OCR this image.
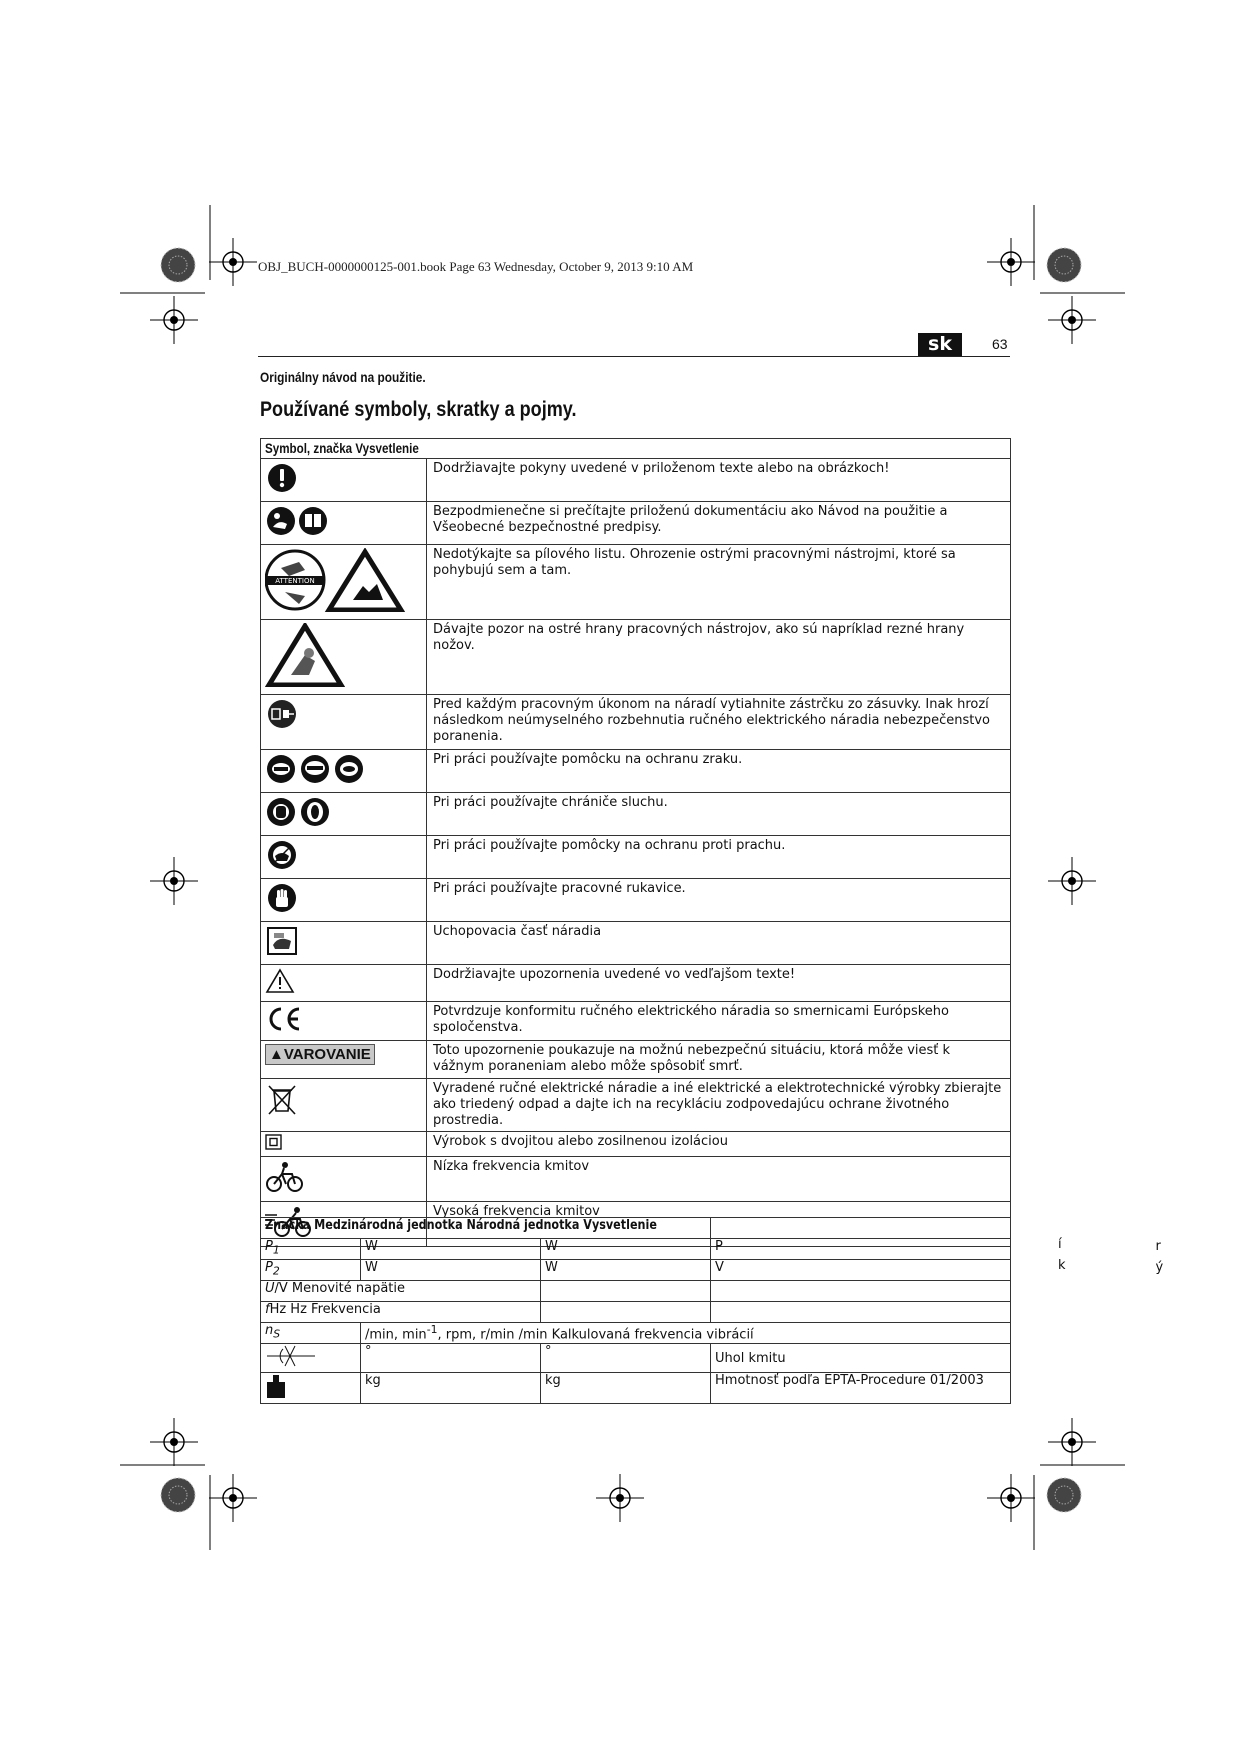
OBJ_BUCH-0000000125-001.book Page 63 Wednesday, October 9, 2013 9:10 AM
sk	63
Originálny návod na použitie.
Používané symboly, skratky a pojmy.
Symbol, značka Vysvetlenie	
	Dodržiavajte pokyny uvedené v priloženom texte alebo na obrázkoch!
	Bezpodmienečne si prečítajte priloženú dokumentáciu ako Návod na použitie a Všeobecné bezpečnostné predpisy.

ATTENTION	Nedotýkajte sa pílového listu. Ohrozenie ostrými pracovnými nástrojmi, ktoré sa pohybujú sem a tam.
	Dávajte pozor na ostré hrany pracovných nástrojov, ako sú napríklad rezné hrany nožov.
	Pred každým pracovným úkonom na náradí vytiahnite zástrčku zo zásuvky. Inak hrozí následkom neúmyselného rozbehnutia ručného elektrického náradia nebezpečenstvo poranenia.
	Pri práci používajte pomôcku na ochranu zraku.
	Pri práci používajte chrániče sluchu.
	Pri práci používajte pomôcky na ochranu proti prachu.
	Pri práci používajte pracovné rukavice.
	Uchopovacia časť náradia
	Dodržiavajte upozornenia uvedené vo vedľajšom texte!
	Potvrdzuje konformitu ručného elektrického náradia so smernicami Európskeho spoločenstva.
▲VAROVANIE	Toto upozornenie poukazuje na možnú nebezpečnú situáciu, ktorá môže viesť k vážnym poraneniam alebo môže spôsobiť smrť.
	Vyradené ručné elektrické náradie a iné elektrické a elektrotechnické výrobky zbierajte ako triedený odpad a dajte ich na recykláciu zodpovedajúcu ochrane životného prostredia.
	Výrobok s dvojitou alebo zosilnenou izoláciou
	Nízka frekvencia kmitov
	Vysoká frekvencia kmitov
Značka Medzinárodná jednotka Národná jednotka Vysvetlenie			
$P_1$	W	W	P r

$P_2$	W	W	V ý

U/V Menovité napätie			
fHz Hz Frekvencia			
$n_S$	/min, $\min^{-1}$, rpm, r/min /min Kalkulovaná frekvencia vibrácií		
	°	°	Uhol kmitu
	kg	kg	Hmotnosť podľa EPTA-Procedure 01/2003
í
k
